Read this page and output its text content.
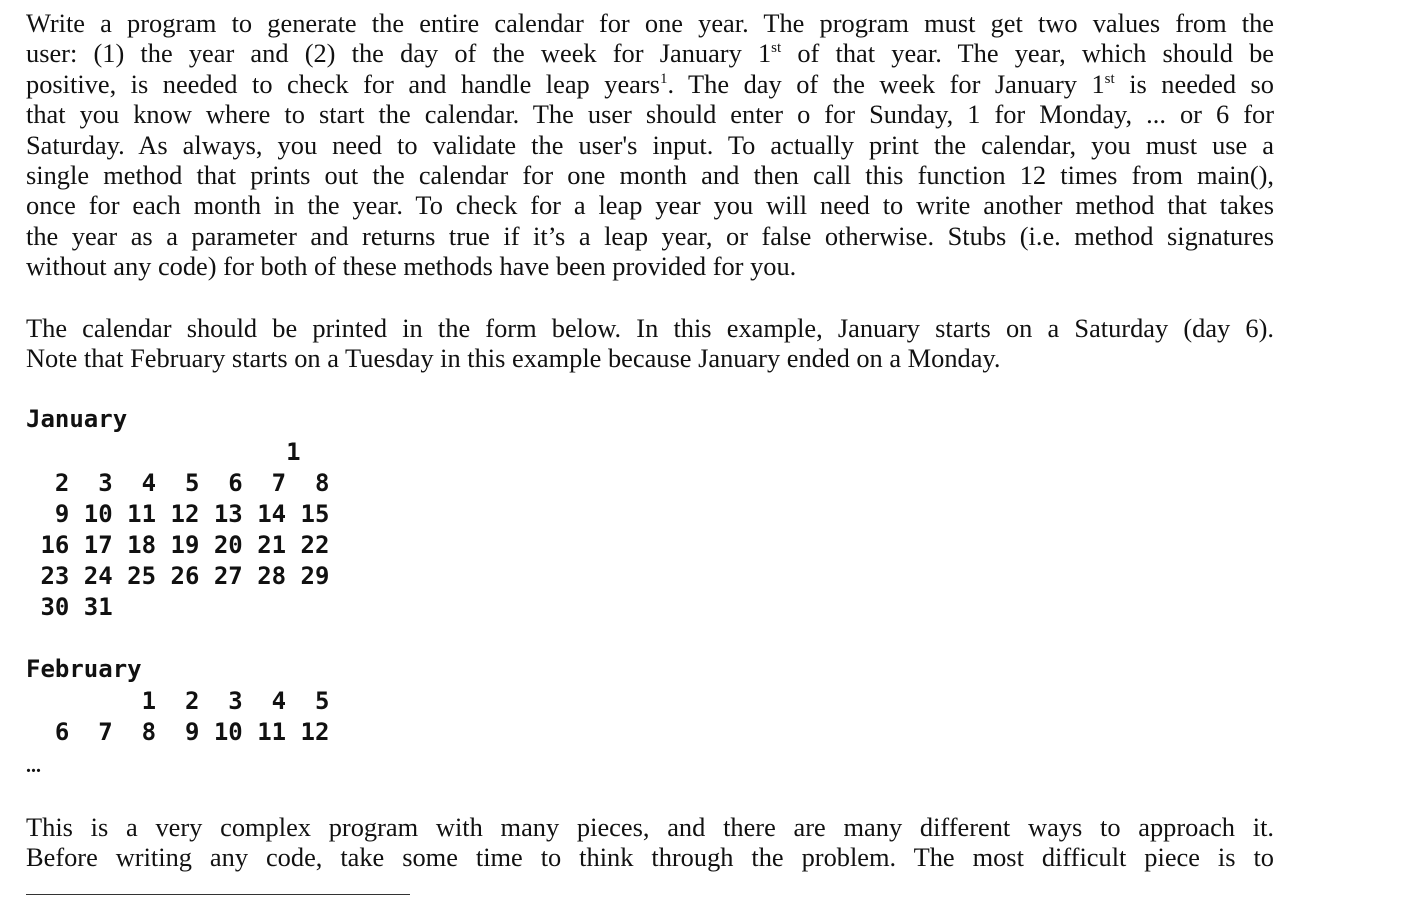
Write a program to generate the entire calendar for one year. The program must get two values from the
user: (1) the year and (2) the day of the week for January 1st of that year. The year, which should be
positive, is needed to check for and handle leap years$^1$. The day of the week for January 1st is needed so
that you know where to start the calendar. The user should enter o for Sunday, 1 for Monday, ... or 6 for
Saturday. As always, you need to validate the user's input. To actually print the calendar, you must use a
single method that prints out the calendar for one month and then call this function 12 times from main(),
once for each month in the year. To check for a leap year you will need to write another method that takes
the year as a parameter and returns true if it’s a leap year, or false otherwise. Stubs (i.e. method signatures
without any code) for both of these methods have been provided for you.
The calendar should be printed in the form below. In this example, January starts on a Saturday (day 6).
Note that February starts on a Tuesday in this example because January ended on a Monday.
January
1
2  3  4  5  6  7  8
9 10 11 12 13 14 15
16 17 18 19 20 21 22
23 24 25 26 27 28 29
30 31
February
1  2  3  4  5
6  7  8  9 10 11 12
...
This is a very complex program with many pieces, and there are many different ways to approach it.
Before writing any code, take some time to think through the problem. The most difficult piece is to
